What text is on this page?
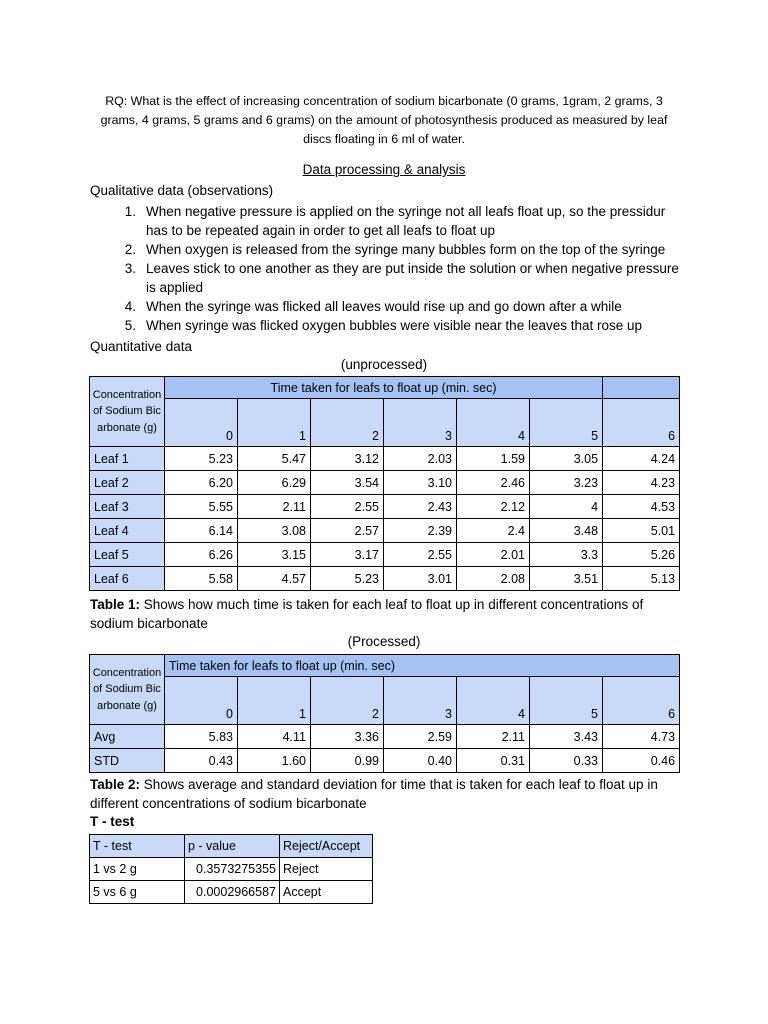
RQ: What is the effect of increasing concentration of sodium bicarbonate (0 grams, 1gram, 2 grams, 3 grams, 4 grams, 5 grams and 6 grams) on the amount of photosynthesis produced as measured by leaf discs floating in 6 ml of water.
Data processing & analysis
Qualitative data (observations)
1. When negative pressure is applied on the syringe not all leafs float up, so the pressidur has to be repeated again in order to get all leafs to float up
2. When oxygen is released from the syringe many bubbles form on the top of the syringe
3. Leaves stick to one another as they are put inside the solution or when negative pressure is applied
4. When the syringe was flicked all leaves would rise up and go down after a while
5. When syringe was flicked oxygen bubbles were visible near the leaves that rose up
Quantitative data
(unprocessed)
Concentration of Sodium Bicarbonate (g)	Time taken for leafs to float up (min. sec)						
	0	1	2	3	4	5	6
Leaf 1	5.23	5.47	3.12	2.03	1.59	3.05	4.24
Leaf 2	6.20	6.29	3.54	3.10	2.46	3.23	4.23
Leaf 3	5.55	2.11	2.55	2.43	2.12	4	4.53
Leaf 4	6.14	3.08	2.57	2.39	2.4	3.48	5.01
Leaf 5	6.26	3.15	3.17	2.55	2.01	3.3	5.26
Leaf 6	5.58	4.57	5.23	3.01	2.08	3.51	5.13
Table 1: Shows how much time is taken for each leaf to float up in different concentrations of sodium bicarbonate
(Processed)
Concentration of Sodium Bicarbonate (g)	Time taken for leafs to float up (min. sec)						
	0	1	2	3	4	5	6
Avg	5.83	4.11	3.36	2.59	2.11	3.43	4.73
STD	0.43	1.60	0.99	0.40	0.31	0.33	0.46
Table 2: Shows average and standard deviation for time that is taken for each leaf to float up in different concentrations of sodium bicarbonate
T - test
T - test	p - value	Reject/Accept
1 vs 2 g	0.3573275355	Reject
5 vs 6 g	0.0002966587	Accept
